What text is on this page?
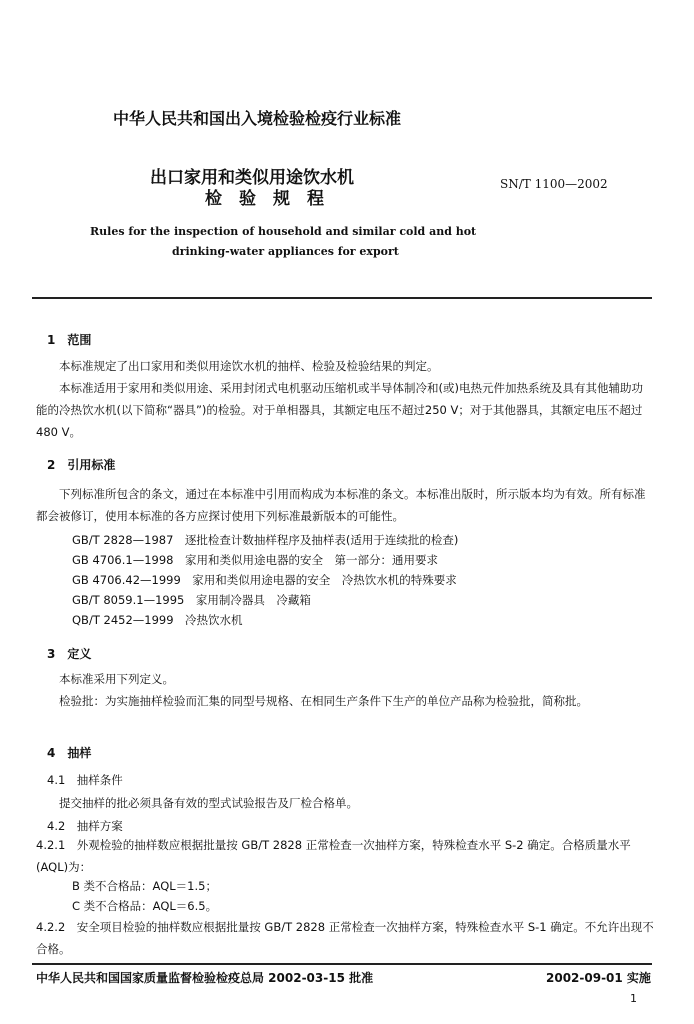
中华人民共和国出入境检验检疫行业标准
出口家用和类似用途饮水机
检　验　规　程
SN/T 1100—2002
Rules for the inspection of household and similar cold and hot
drinking-water appliances for export
1　范围
本标准规定了出口家用和类似用途饮水机的抽样、检验及检验结果的判定。
本标准适用于家用和类似用途、采用封闭式电机驱动压缩机或半导体制冷和(或)电热元件加热系统及具有其他辅助功能的冷热饮水机(以下简称“器具”)的检验。对于单相器具，其额定电压不超过250 V；对于其他器具，其额定电压不超过 480 V。
2　引用标准
下列标准所包含的条文，通过在本标准中引用而构成为本标准的条文。本标准出版时，所示版本均为有效。所有标准都会被修订，使用本标准的各方应探讨使用下列标准最新版本的可能性。
GB/T 2828—1987　逐批检查计数抽样程序及抽样表(适用于连续批的检查)
GB 4706.1—1998　家用和类似用途电器的安全　第一部分：通用要求
GB 4706.42—1999　家用和类似用途电器的安全　冷热饮水机的特殊要求
GB/T 8059.1—1995　家用制冷器具　冷藏箱
QB/T 2452—1999　冷热饮水机
3　定义
本标准采用下列定义。
检验批：为实施抽样检验而汇集的同型号规格、在相同生产条件下生产的单位产品称为检验批，简称批。
4　抽样
4.1　抽样条件
提交抽样的批必须具备有效的型式试验报告及厂检合格单。
4.2　抽样方案
4.2.1　外观检验的抽样数应根据批量按 GB/T 2828 正常检查一次抽样方案，特殊检查水平 S-2 确定。合格质量水平(AQL)为：
B 类不合格品：AQL＝1.5；
C 类不合格品：AQL＝6.5。
4.2.2　安全项目检验的抽样数应根据批量按 GB/T 2828 正常检查一次抽样方案，特殊检查水平 S-1 确定。不允许出现不合格。
中华人民共和国国家质量监督检验检疫总局 2002-03-15 批准	2002-09-01 实施
1
